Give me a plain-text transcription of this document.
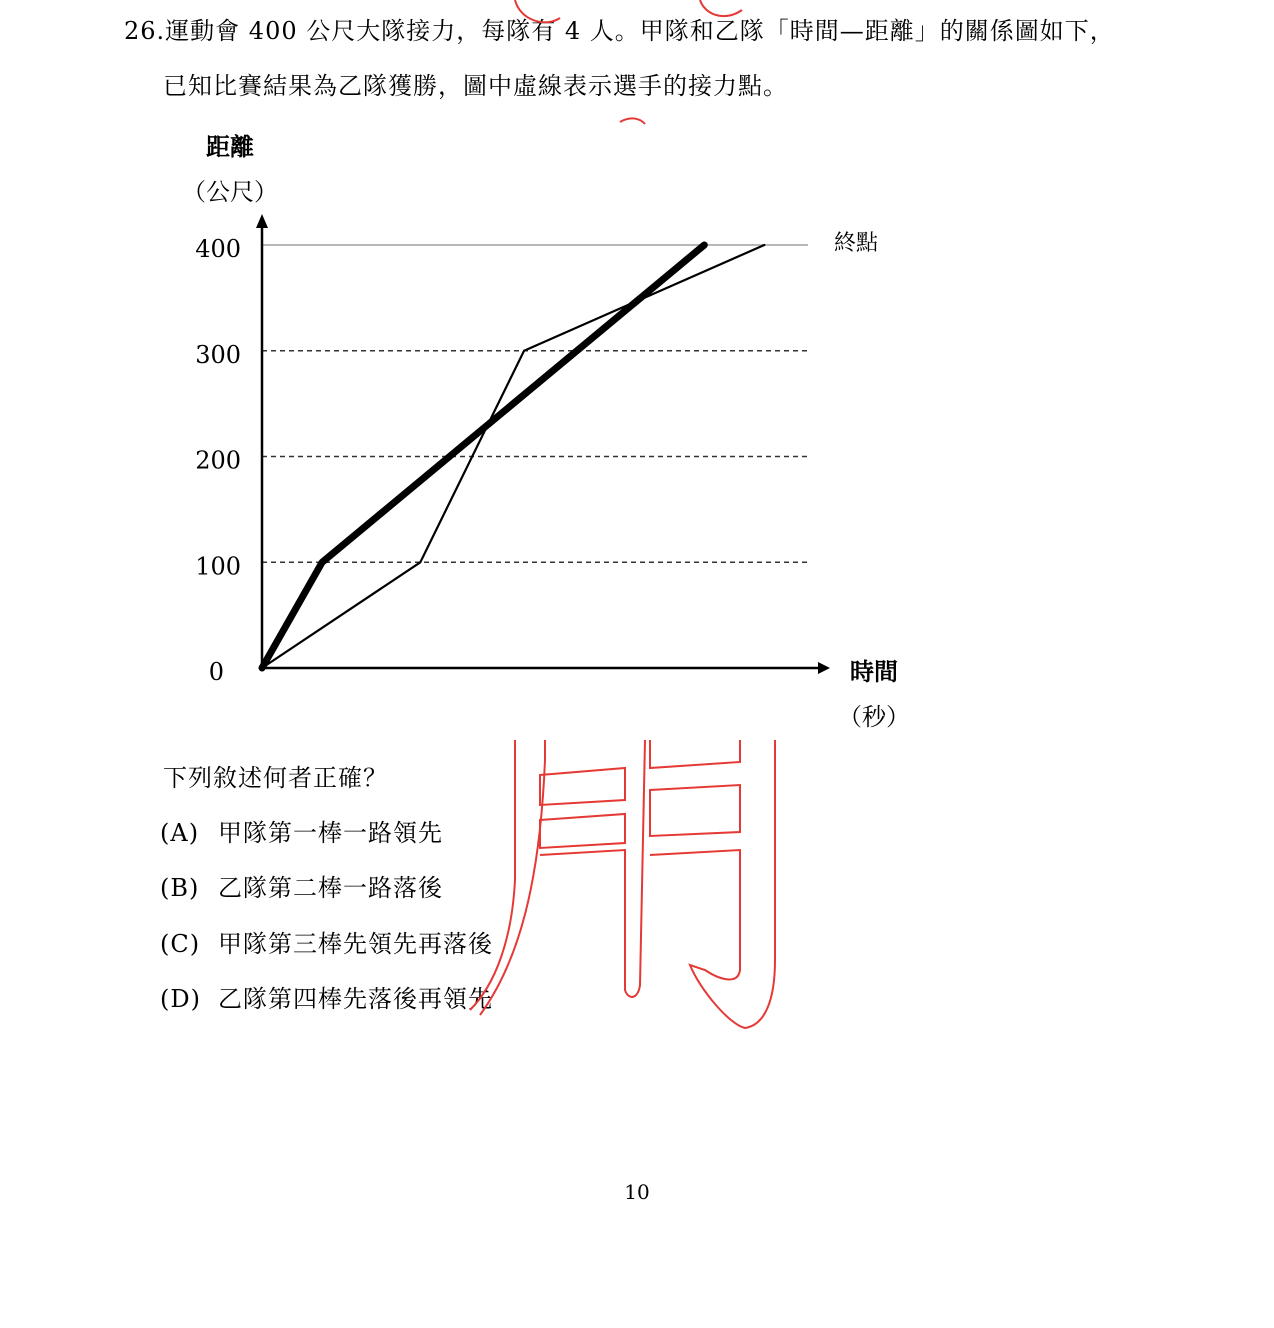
26.運動會 400 公尺大隊接力，每隊有 4 人。甲隊和乙隊「時間—距離」的關係圖如下，
已知比賽結果為乙隊獲勝，圖中虛線表示選手的接力點。
距離
（公尺）
時間
（秒）
終點
0
100
200
300
400
下列敘述何者正確？
(A) 甲隊第一棒一路領先
(B) 乙隊第二棒一路落後
(C) 甲隊第三棒先領先再落後
(D) 乙隊第四棒先落後再領先
10
